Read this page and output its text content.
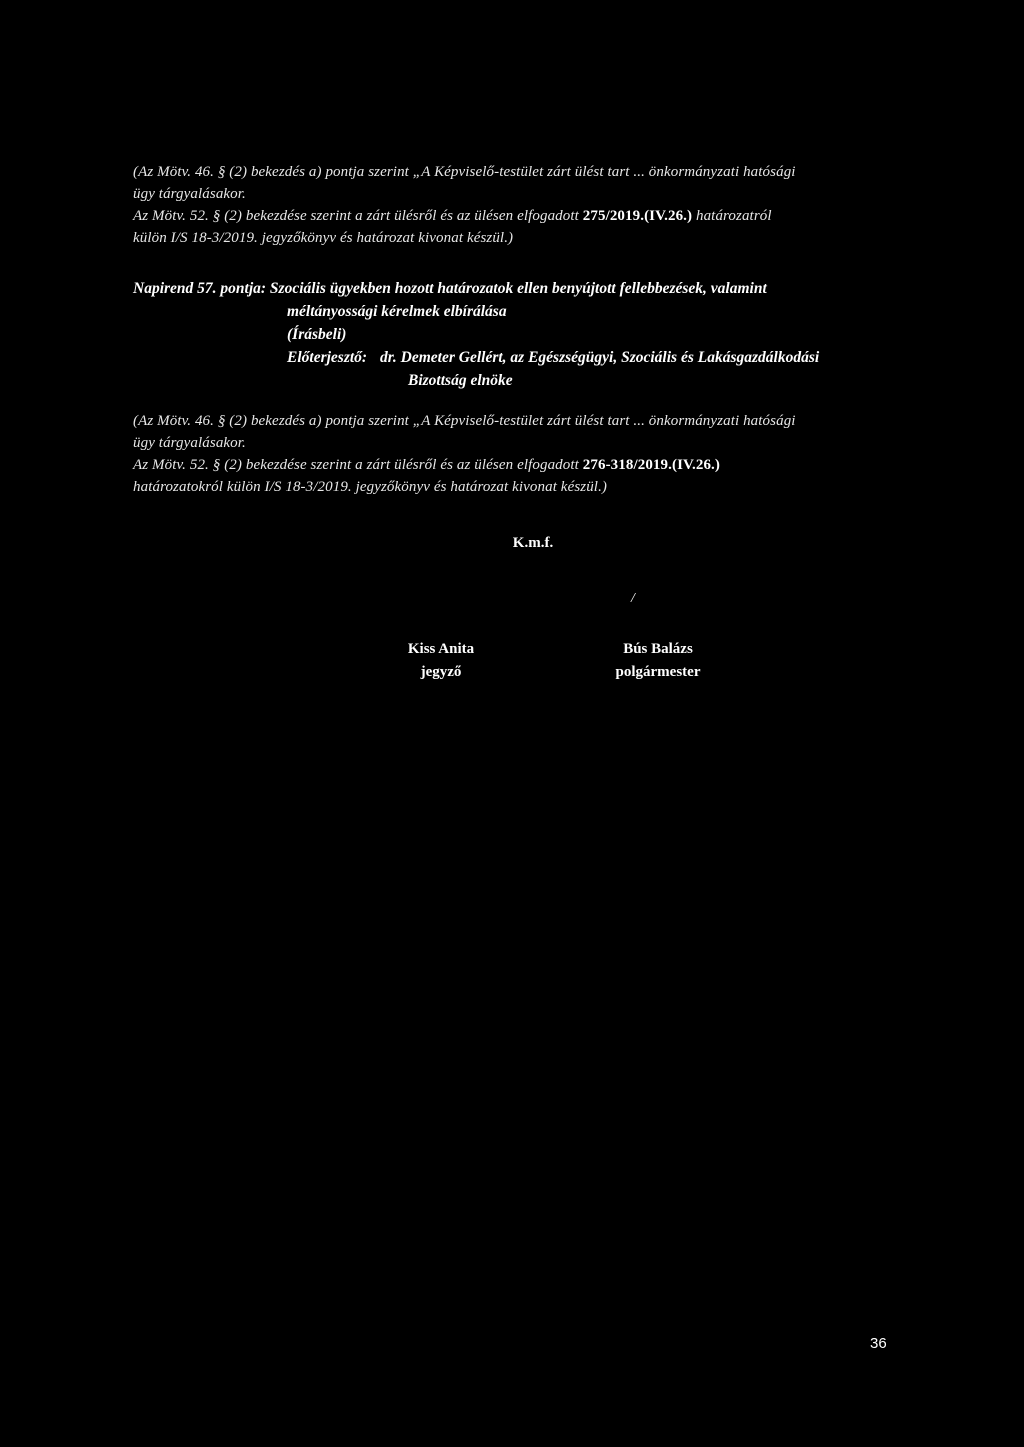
(Az Mötv. 46. § (2) bekezdés a) pontja szerint „A Képviselő-testület zárt ülést tart ... önkormányzati hatósági
ügy tárgyalásakor.
Az Mötv. 52. § (2) bekezdése szerint a zárt ülésről és az ülésen elfogadott 275/2019.(IV.26.) határozatról
külön I/S 18-3/2019. jegyzőkönyv és határozat kivonat készül.)
Napirend 57. pontja: Szociális ügyekben hozott határozatok ellen benyújtott fellebbezések, valamint
méltányossági kérelmek elbírálása
(Írásbeli)
Előterjesztő: dr. Demeter Gellért, az Egészségügyi, Szociális és Lakásgazdálkodási
Bizottság elnöke
(Az Mötv. 46. § (2) bekezdés a) pontja szerint „A Képviselő-testület zárt ülést tart ... önkormányzati hatósági
ügy tárgyalásakor.
Az Mötv. 52. § (2) bekezdése szerint a zárt ülésről és az ülésen elfogadott 276-318/2019.(IV.26.)
határozatokról külön I/S 18-3/2019. jegyzőkönyv és határozat kivonat készül.)
K.m.f.
/
Kiss Anita
jegyző
Bús Balázs
polgármester
36
